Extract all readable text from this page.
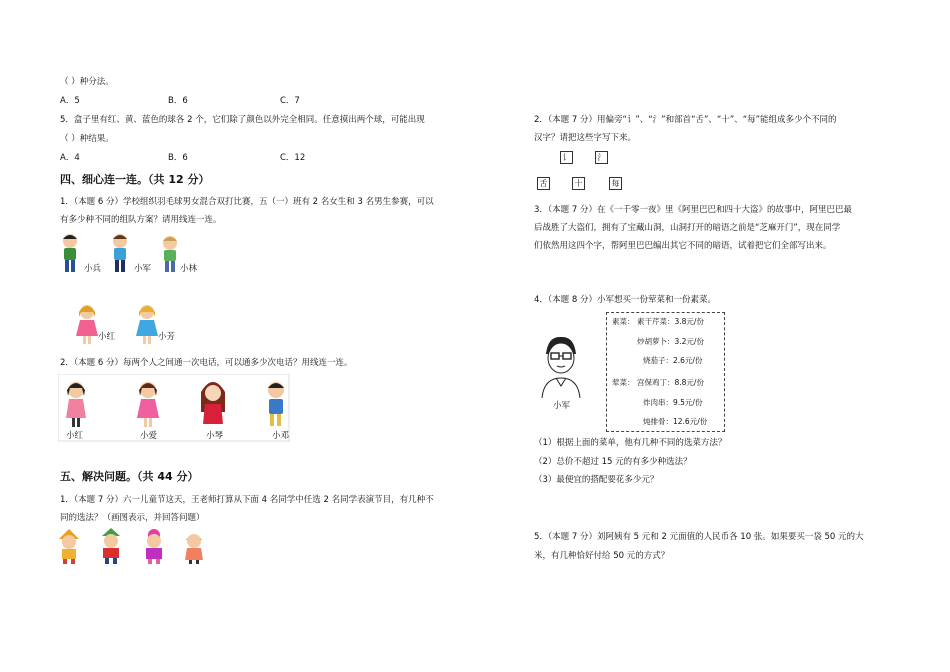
（ ）种分法。
A．5	B．6	C．7
5．盒子里有红、黄、蓝色的球各 2 个，它们除了颜色以外完全相同。任意摸出两个球，可能出现
（ ）种结果。
A．4	B．6	C．12
四、细心连一连。（共 12 分）
1．（本题 6 分）学校组织羽毛球男女混合双打比赛，五（一）班有 2 名女生和 3 名男生参赛，可以
有多少种不同的组队方案？请用线连一连。
小兵	小军	小林
小红	小芳
2．（本题 6 分）每两个人之间通一次电话，可以通多少次电话？用线连一连。
小红	小爱	小琴	小邓
五、解决问题。（共 44 分）
1．（本题 7 分）六一儿童节这天，王老师打算从下面 4 名同学中任选 2 名同学表演节目，有几种不
同的选法？（画图表示，并回答问题）
2．（本题 7 分）用偏旁“讠”、“氵”和部首“舌”、“十”、“每”能组成多少个不同的
汉字？请把这些字写下来。
讠	氵
舌	十	每
3．（本题 7 分）在《一千零一夜》里《阿里巴巴和四十大盗》的故事中，阿里巴巴最
后战胜了大盗们，拥有了宝藏山洞，山洞打开的暗语之前是“芝麻开门”，现在同学
们依然用这四个字，帮阿里巴巴编出其它不同的暗语，试着把它们全部写出来。
4．（本题 8 分）小军想买一份荤菜和一份素菜。
小军
素菜： 素干芹菜：3.8元/份
炒胡萝卜：3.2元/份
烧茄子：2.6元/份
荤菜： 宫保鸡丁：8.8元/份
炸肉串：9.5元/份
炖排骨：12.6元/份
（1）根据上面的菜单，他有几种不同的选菜方法？
（2）总价不超过 15 元的有多少种选法？
（3）最便宜的搭配要花多少元？
5．（本题 7 分）刘阿姨有 5 元和 2 元面值的人民币各 10 张。如果要买一袋 50 元的大
米，有几种恰好付给 50 元的方式？
